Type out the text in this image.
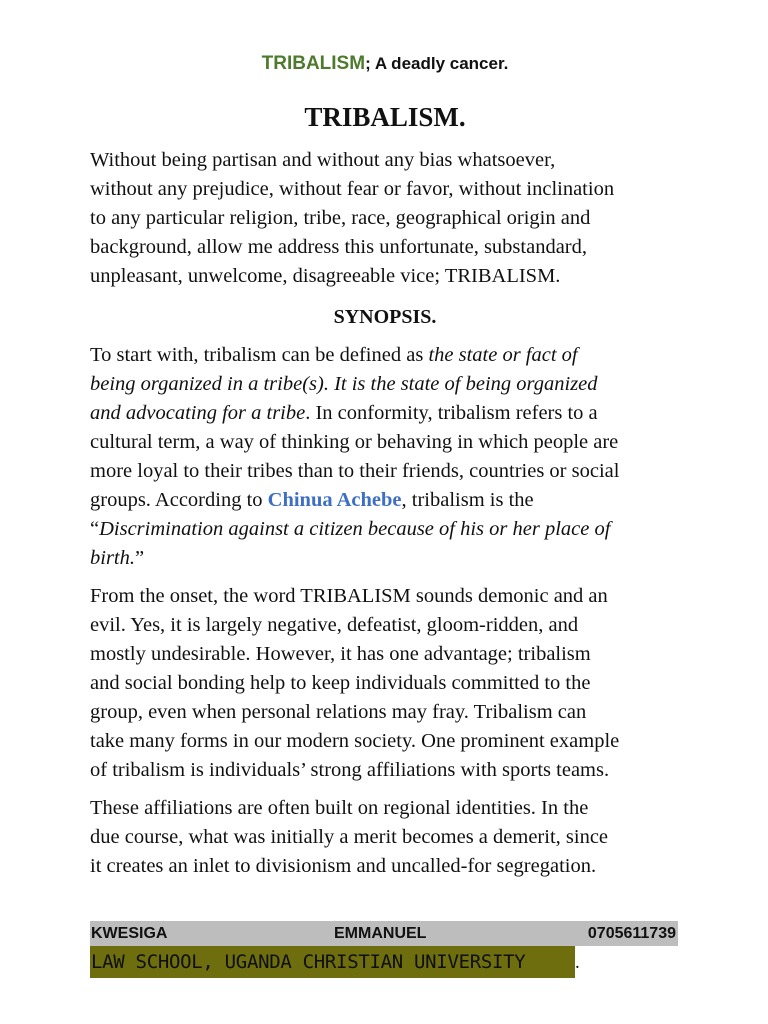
TRIBALISM; A deadly cancer.
TRIBALISM.

Without being partisan and without any bias whatsoever,
without any prejudice, without fear or favor, without inclination
to any particular religion, tribe, race, geographical origin and
background, allow me address this unfortunate, substandard,
unpleasant, unwelcome, disagreeable vice; TRIBALISM.

SYNOPSIS.

To start with, tribalism can be defined as the state or fact of
being organized in a tribe(s). It is the state of being organized
and advocating for a tribe. In conformity, tribalism refers to a
cultural term, a way of thinking or behaving in which people are
more loyal to their tribes than to their friends, countries or social
groups. According to Chinua Achebe, tribalism is the
“Discrimination against a citizen because of his or her place of
birth.”

From the onset, the word TRIBALISM sounds demonic and an
evil. Yes, it is largely negative, defeatist, gloom-ridden, and
mostly undesirable. However, it has one advantage; tribalism
and social bonding help to keep individuals committed to the
group, even when personal relations may fray. Tribalism can
take many forms in our modern society. One prominent example
of tribalism is individuals’ strong affiliations with sports teams.

These affiliations are often built on regional identities. In the
due course, what was initially a merit becomes a demerit, since
it creates an inlet to divisionism and uncalled-for segregation.

KWESIGA	EMMANUEL	0705611739
LAW SCHOOL, UGANDA CHRISTIAN UNIVERSITY	.
